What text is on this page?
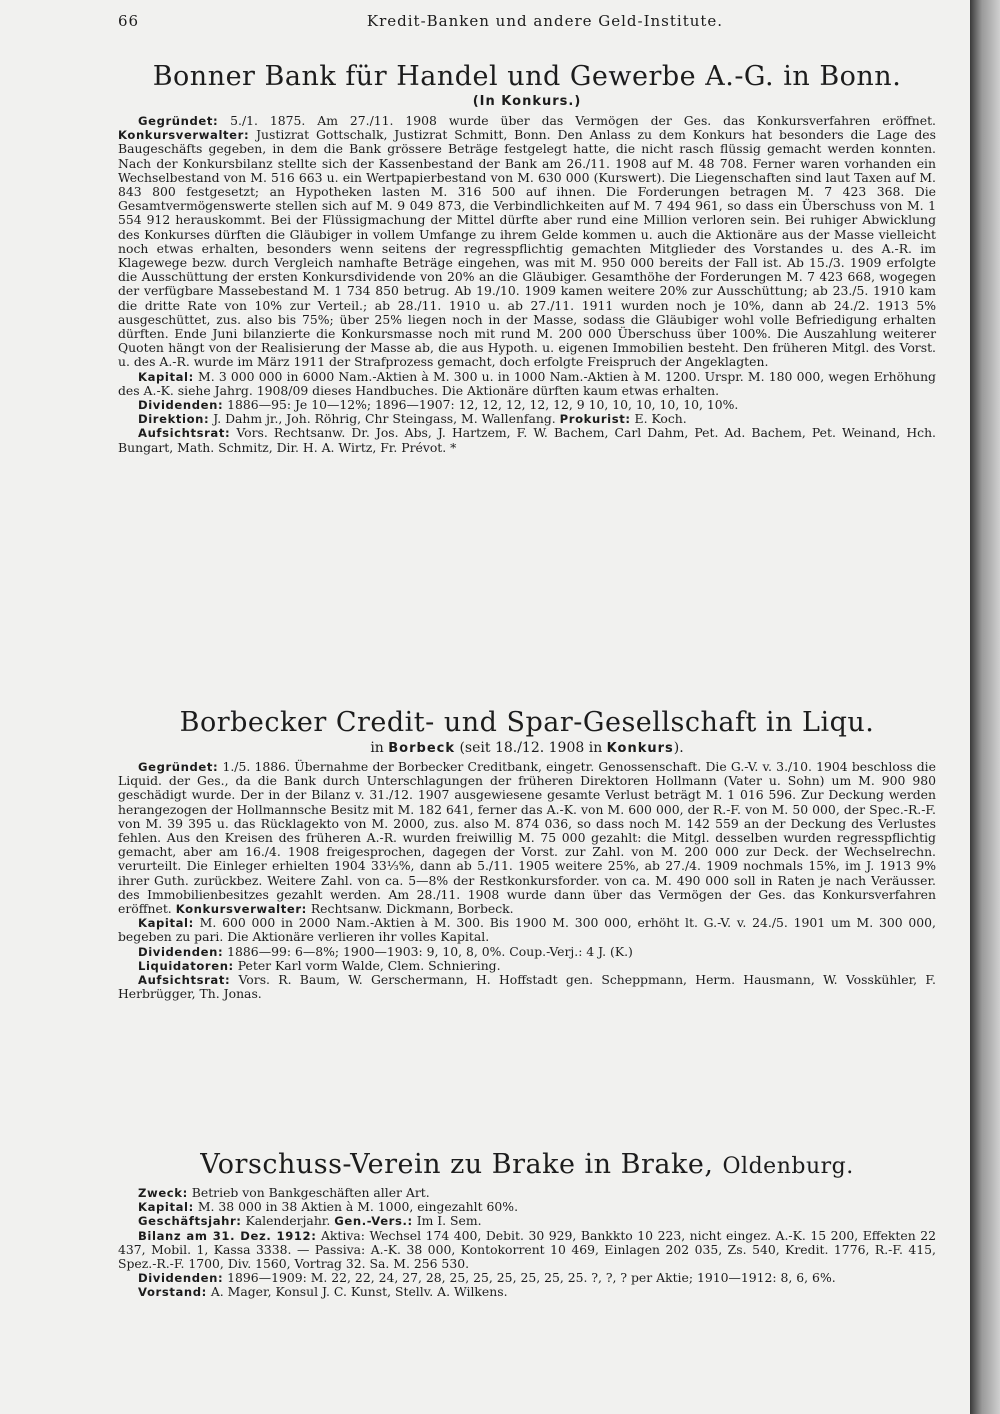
66	Kredit-Banken und andere Geld-Institute.
Bonner Bank für Handel und Gewerbe A.-G. in Bonn.
(In Konkurs.)

Gegründet: 5./1. 1875. Am 27./11. 1908 wurde über das Vermögen der Ges. das Konkursverfahren eröffnet. Konkursverwalter: Justizrat Gottschalk, Justizrat Schmitt, Bonn. Den Anlass zu dem Konkurs hat besonders die Lage des Baugeschäfts gegeben, in dem die Bank grössere Beträge festgelegt hatte, die nicht rasch flüssig gemacht werden konnten. Nach der Konkursbilanz stellte sich der Kassenbestand der Bank am 26./11. 1908 auf M. 48 708. Ferner waren vorhanden ein Wechselbestand von M. 516 663 u. ein Wertpapierbestand von M. 630 000 (Kurswert). Die Liegenschaften sind laut Taxen auf M. 843 800 festgesetzt; an Hypotheken lasten M. 316 500 auf ihnen. Die Forderungen betragen M. 7 423 368. Die Gesamtvermögenswerte stellen sich auf M. 9 049 873, die Verbindlichkeiten auf M. 7 494 961, so dass ein Überschuss von M. 1 554 912 herauskommt. Bei der Flüssigmachung der Mittel dürfte aber rund eine Million verloren sein. Bei ruhiger Abwicklung des Konkurses dürften die Gläubiger in vollem Umfange zu ihrem Gelde kommen u. auch die Aktionäre aus der Masse vielleicht noch etwas erhalten, besonders wenn seitens der regresspflichtig gemachten Mitglieder des Vorstandes u. des A.-R. im Klagewege bezw. durch Vergleich namhafte Beträge eingehen, was mit M. 950 000 bereits der Fall ist. Ab 15./3. 1909 erfolgte die Ausschüttung der ersten Konkursdividende von 20% an die Gläubiger. Gesamthöhe der Forderungen M. 7 423 668, wogegen der verfügbare Massebestand M. 1 734 850 betrug. Ab 19./10. 1909 kamen weitere 20% zur Ausschüttung; ab 23./5. 1910 kam die dritte Rate von 10% zur Verteil.; ab 28./11. 1910 u. ab 27./11. 1911 wurden noch je 10%, dann ab 24./2. 1913 5% ausgeschüttet, zus. also bis 75%; über 25% liegen noch in der Masse, sodass die Gläubiger wohl volle Befriedigung erhalten dürften. Ende Juni bilanzierte die Konkursmasse noch mit rund M. 200 000 Überschuss über 100%. Die Auszahlung weiterer Quoten hängt von der Realisierung der Masse ab, die aus Hypoth. u. eigenen Immobilien besteht. Den früheren Mitgl. des Vorst. u. des A.-R. wurde im März 1911 der Strafprozess gemacht, doch erfolgte Freispruch der Angeklagten.

Kapital: M. 3 000 000 in 6000 Nam.-Aktien à M. 300 u. in 1000 Nam.-Aktien à M. 1200. Urspr. M. 180 000, wegen Erhöhung des A.-K. siehe Jahrg. 1908/09 dieses Handbuches. Die Aktionäre dürften kaum etwas erhalten.

Dividenden: 1886—95: Je 10—12%; 1896—1907: 12, 12, 12, 12, 12, 9 10, 10, 10, 10, 10, 10%.

Direktion: J. Dahm jr., Joh. Röhrig, Chr Steingass, M. Wallenfang. Prokurist: E. Koch.

Aufsichtsrat: Vors. Rechtsanw. Dr. Jos. Abs, J. Hartzem, F. W. Bachem, Carl Dahm, Pet. Ad. Bachem, Pet. Weinand, Hch. Bungart, Math. Schmitz, Dir. H. A. Wirtz, Fr. Prévot. *

Borbecker Credit- und Spar-Gesellschaft in Liqu.
in Borbeck (seit 18./12. 1908 in Konkurs).

Gegründet: 1./5. 1886. Übernahme der Borbecker Creditbank, eingetr. Genossenschaft. Die G.-V. v. 3./10. 1904 beschloss die Liquid. der Ges., da die Bank durch Unterschlagungen der früheren Direktoren Hollmann (Vater u. Sohn) um M. 900 980 geschädigt wurde. Der in der Bilanz v. 31./12. 1907 ausgewiesene gesamte Verlust beträgt M. 1 016 596. Zur Deckung werden herangezogen der Hollmannsche Besitz mit M. 182 641, ferner das A.-K. von M. 600 000, der R.-F. von M. 50 000, der Spec.-R.-F. von M. 39 395 u. das Rücklagekto von M. 2000, zus. also M. 874 036, so dass noch M. 142 559 an der Deckung des Verlustes fehlen. Aus den Kreisen des früheren A.-R. wurden freiwillig M. 75 000 gezahlt: die Mitgl. desselben wurden regresspflichtig gemacht, aber am 16./4. 1908 freigesprochen, dagegen der Vorst. zur Zahl. von M. 200 000 zur Deck. der Wechselrechn. verurteilt. Die Einleger erhielten 1904 33⅓%, dann ab 5./11. 1905 weitere 25%, ab 27./4. 1909 nochmals 15%, im J. 1913 9% ihrer Guth. zurückbez. Weitere Zahl. von ca. 5—8% der Restkonkursforder. von ca. M. 490 000 soll in Raten je nach Veräusser. des Immobilienbesitzes gezahlt werden. Am 28./11. 1908 wurde dann über das Vermögen der Ges. das Konkursverfahren eröffnet. Konkursverwalter: Rechtsanw. Dickmann, Borbeck.

Kapital: M. 600 000 in 2000 Nam.-Aktien à M. 300. Bis 1900 M. 300 000, erhöht lt. G.-V. v. 24./5. 1901 um M. 300 000, begeben zu pari. Die Aktionäre verlieren ihr volles Kapital.

Dividenden: 1886—99: 6—8%; 1900—1903: 9, 10, 8, 0%. Coup.-Verj.: 4 J. (K.)

Liquidatoren: Peter Karl vorm Walde, Clem. Schniering.

Aufsichtsrat: Vors. R. Baum, W. Gerschermann, H. Hoffstadt gen. Scheppmann, Herm. Hausmann, W. Vosskühler, F. Herbrügger, Th. Jonas.

Vorschuss-Verein zu Brake in Brake, Oldenburg.

Zweck: Betrieb von Bankgeschäften aller Art.

Kapital: M. 38 000 in 38 Aktien à M. 1000, eingezahlt 60%.

Geschäftsjahr: Kalenderjahr. Gen.-Vers.: Im I. Sem.

Bilanz am 31. Dez. 1912: Aktiva: Wechsel 174 400, Debit. 30 929, Bankkto 10 223, nicht eingez. A.-K. 15 200, Effekten 22 437, Mobil. 1, Kassa 3338. — Passiva: A.-K. 38 000, Kontokorrent 10 469, Einlagen 202 035, Zs. 540, Kredit. 1776, R.-F. 415, Spez.-R.-F. 1700, Div. 1560, Vortrag 32. Sa. M. 256 530.

Dividenden: 1896—1909: M. 22, 22, 24, 27, 28, 25, 25, 25, 25, 25, 25. ?, ?, ? per Aktie; 1910—1912: 8, 6, 6%.

Vorstand: A. Mager, Konsul J. C. Kunst, Stellv. A. Wilkens.
